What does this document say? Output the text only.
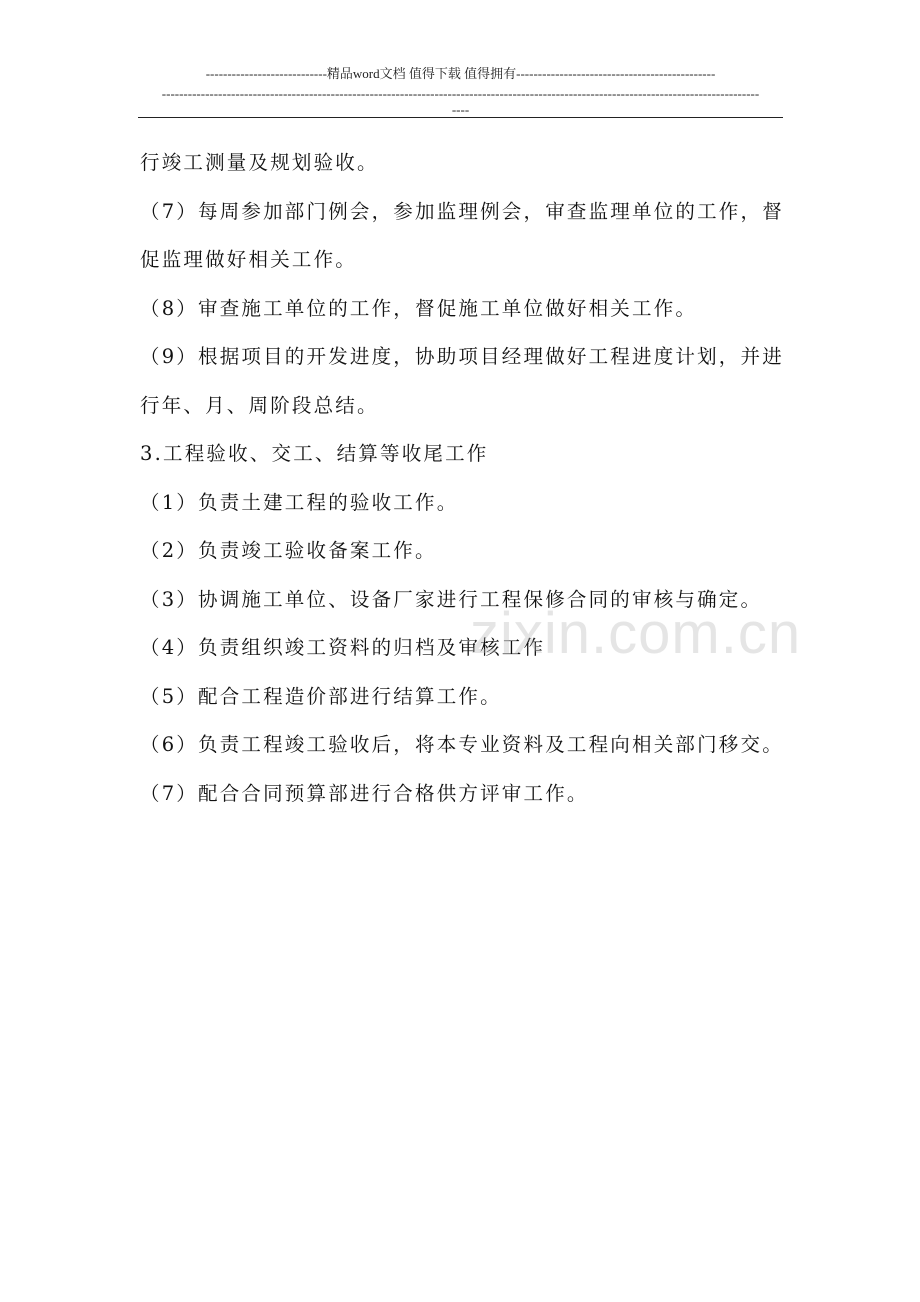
----------------------------精品word文档 值得下载 值得拥有----------------------------------------------
------------------------------------------------------------------------------------------------------------------------------------------
----

行竣工测量及规划验收。

（7）每周参加部门例会，参加监理例会，审查监理单位的工作，督

促监理做好相关工作。

（8）审查施工单位的工作，督促施工单位做好相关工作。

（9）根据项目的开发进度，协助项目经理做好工程进度计划，并进

行年、月、周阶段总结。

3.工程验收、交工、结算等收尾工作

（1）负责土建工程的验收工作。

（2）负责竣工验收备案工作。

（3）协调施工单位、设备厂家进行工程保修合同的审核与确定。

（4）负责组织竣工资料的归档及审核工作

（5）配合工程造价部进行结算工作。

（6）负责工程竣工验收后，将本专业资料及工程向相关部门移交。

（7）配合合同预算部进行合格供方评审工作。

zixin.com.cn
